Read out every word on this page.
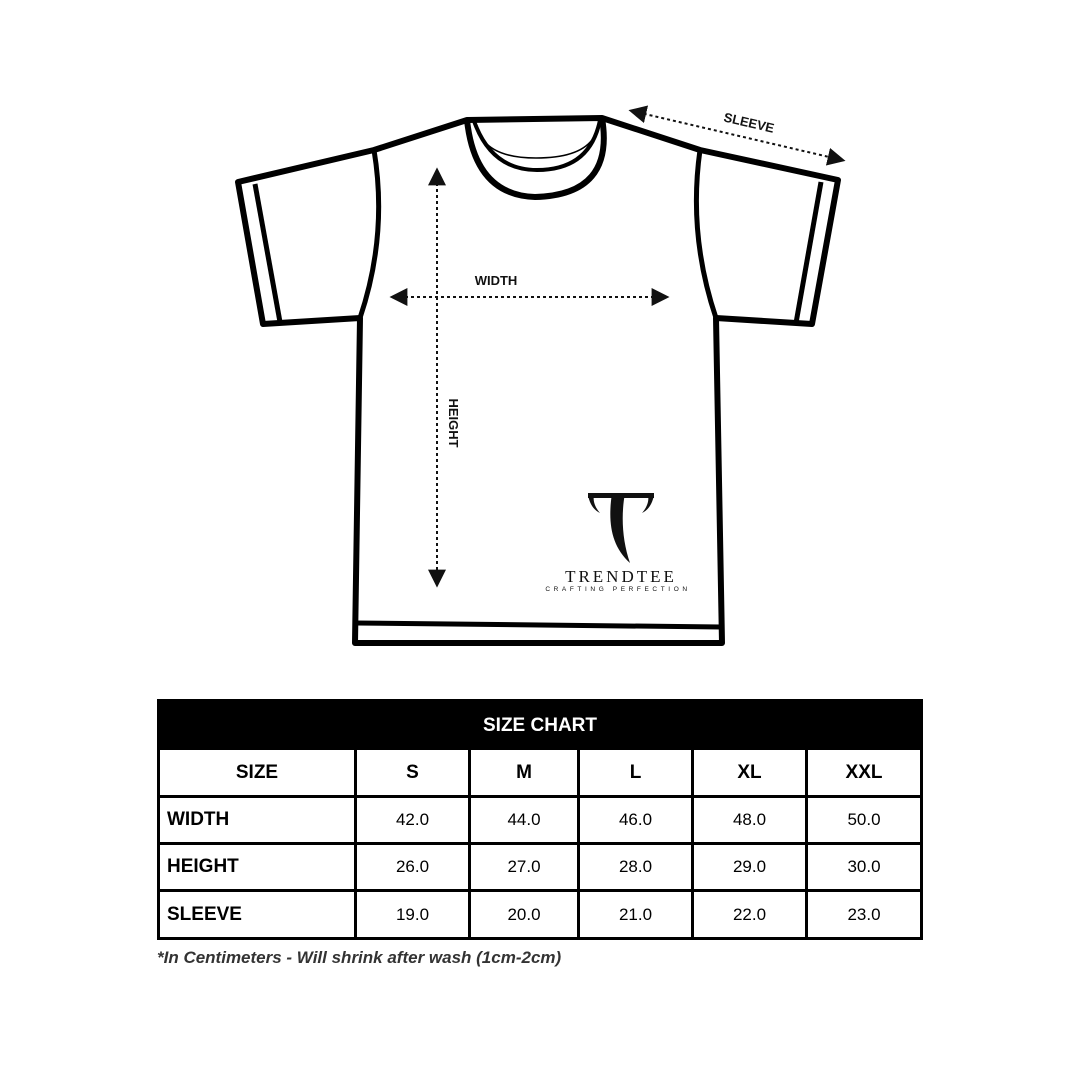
SLEEVE
WIDTH
HEIGHT
TRENDTEE
CRAFTING PERFECTION
SIZE CHART
SIZE	S	M	L	XL	XXL
WIDTH	42.0	44.0	46.0	48.0	50.0
HEIGHT	26.0	27.0	28.0	29.0	30.0
SLEEVE	19.0	20.0	21.0	22.0	23.0
*In Centimeters - Will shrink after wash (1cm-2cm)
